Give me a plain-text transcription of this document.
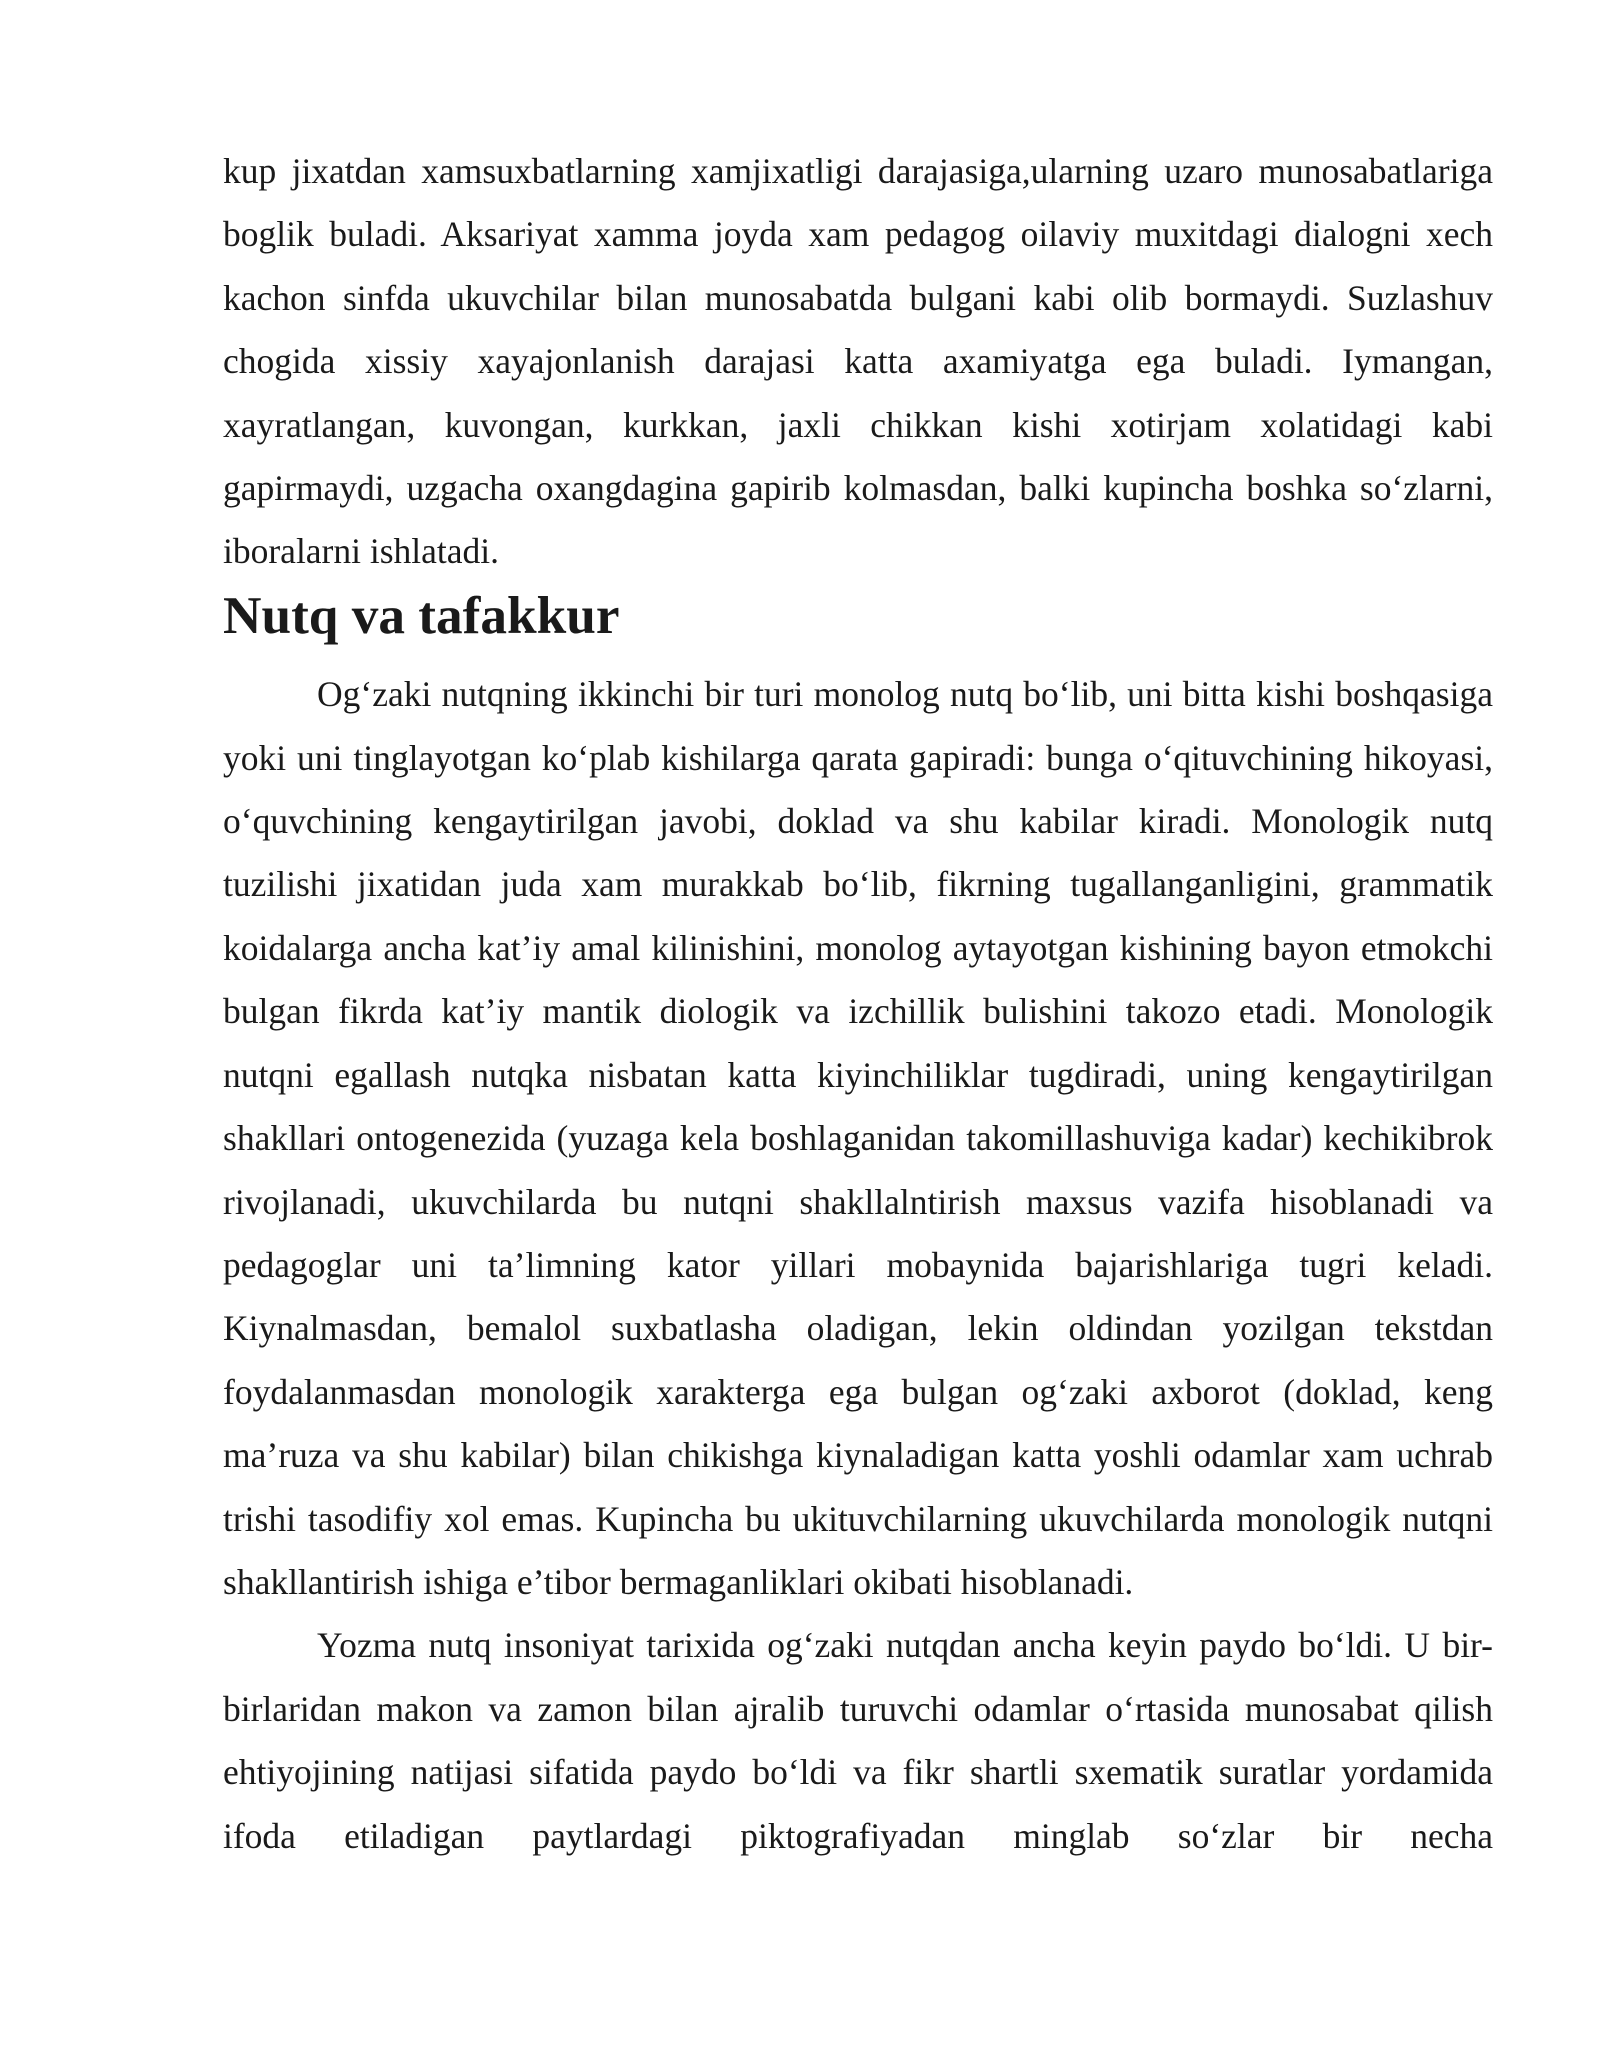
kup jixatdan xamsuxbatlarning xamjixatligi darajasiga,ularning uzaro munosabatlariga boglik buladi. Aksariyat xamma joyda xam pedagog oilaviy muxitdagi dialogni xech kachon sinfda ukuvchilar bilan munosabatda bulgani kabi olib bormaydi. Suzlashuv chogida xissiy xayajonlanish darajasi katta axamiyatga ega buladi. Iymangan, xayratlangan, kuvongan, kurkkan, jaxli chikkan kishi xotirjam xolatidagi kabi gapirmaydi, uzgacha oxangdagina gapirib kolmasdan, balki kupincha boshka so‘zlarni, iboralarni ishlatadi.

Nutq va tafakkur

Og‘zaki nutqning ikkinchi bir turi monolog nutq bo‘lib, uni bitta kishi boshqasiga yoki uni tinglayotgan ko‘plab kishilarga qarata gapiradi: bunga o‘qituvchining hikoyasi, o‘quvchining kengaytirilgan javobi, doklad va shu kabilar kiradi. Monologik nutq tuzilishi jixatidan juda xam murakkab bo‘lib, fikrning tugallanganligini, grammatik koidalarga ancha kat’iy amal kilinishini, monolog aytayotgan kishining bayon etmokchi bulgan fikrda kat’iy mantik diologik va izchillik bulishini takozo etadi. Monologik nutqni egallash nutqka nisbatan katta kiyinchiliklar tugdiradi, uning kengaytirilgan shakllari ontogenezida (yuzaga kela boshlaganidan takomillashuviga kadar) kechikibrok rivojlanadi, ukuvchilarda bu nutqni shakllalntirish maxsus vazifa hisoblanadi va pedagoglar uni ta’limning kator yillari mobaynida bajarishlariga tugri keladi. Kiynalmasdan, bemalol suxbatlasha oladigan, lekin oldindan yozilgan tekstdan foydalanmasdan monologik xarakterga ega bulgan og‘zaki axborot (doklad, keng ma’ruza va shu kabilar) bilan chikishga kiynaladigan katta yoshli odamlar xam uchrab trishi tasodifiy xol emas. Kupincha bu ukituvchilarning ukuvchilarda monologik nutqni shakllantirish ishiga e’tibor bermaganliklari okibati hisoblanadi.

Yozma nutq insoniyat tarixida og‘zaki nutqdan ancha keyin paydo bo‘ldi. U bir-birlaridan makon va zamon bilan ajralib turuvchi odamlar o‘rtasida munosabat qilish ehtiyojining natijasi sifatida paydo bo‘ldi va fikr shartli sxematik suratlar yordamida ifoda etiladigan paytlardagi piktografiyadan minglab so‘zlar bir necha
